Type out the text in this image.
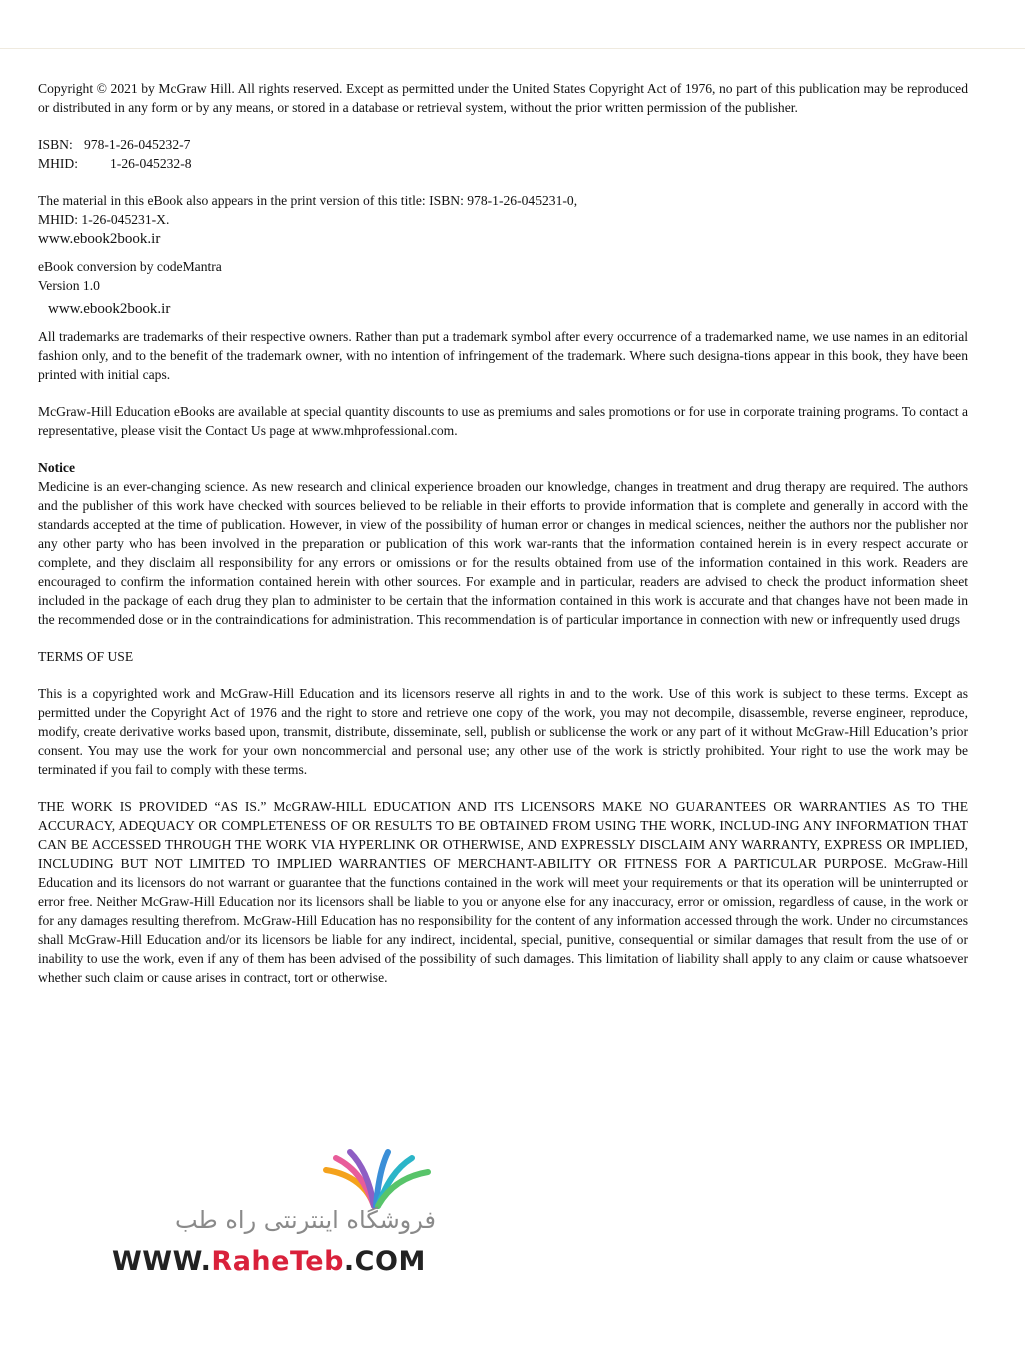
Copyright © 2021 by McGraw Hill. All rights reserved. Except as permitted under the United States Copyright Act of 1976, no part of this publication may be reproduced or distributed in any form or by any means, or stored in a database or retrieval system, without the prior written permission of the publisher.

ISBN: 978-1-26-045232-7
MHID:	1-26-045232-8

The material in this eBook also appears in the print version of this title: ISBN: 978-1-26-045231-0,

MHID: 1-26-045231-X.

www.ebook2book.ir

eBook conversion by codeMantra

Version 1.0

www.ebook2book.ir

All trademarks are trademarks of their respective owners. Rather than put a trademark symbol after every occurrence of a trademarked name, we use names in an editorial fashion only, and to the benefit of the trademark owner, with no intention of infringement of the trademark. Where such designa-tions appear in this book, they have been printed with initial caps.

McGraw-Hill Education eBooks are available at special quantity discounts to use as premiums and sales promotions or for use in corporate training programs. To contact a representative, please visit the Contact Us page at www.mhprofessional.com.

Notice

Medicine is an ever-changing science. As new research and clinical experience broaden our knowledge, changes in treatment and drug therapy are required. The authors and the publisher of this work have checked with sources believed to be reliable in their efforts to provide information that is complete and generally in accord with the standards accepted at the time of publication. However, in view of the possibility of human error or changes in medical sciences, neither the authors nor the publisher nor any other party who has been involved in the preparation or publication of this work war-rants that the information contained herein is in every respect accurate or complete, and they disclaim all responsibility for any errors or omissions or for the results obtained from use of the information contained in this work. Readers are encouraged to confirm the information contained herein with other sources. For example and in particular, readers are advised to check the product information sheet included in the package of each drug they plan to administer to be certain that the information contained in this work is accurate and that changes have not been made in the recommended dose or in the contraindications for administration. This recommendation is of particular importance in connection with new or infrequently used drugs

TERMS OF USE

This is a copyrighted work and McGraw-Hill Education and its licensors reserve all rights in and to the work. Use of this work is subject to these terms. Except as permitted under the Copyright Act of 1976 and the right to store and retrieve one copy of the work, you may not decompile, disassemble, reverse engineer, reproduce, modify, create derivative works based upon, transmit, distribute, disseminate, sell, publish or sublicense the work or any part of it without McGraw-Hill Education’s prior consent. You may use the work for your own noncommercial and personal use; any other use of the work is strictly prohibited. Your right to use the work may be terminated if you fail to comply with these terms.

THE WORK IS PROVIDED “AS IS.” McGRAW-HILL EDUCATION AND ITS LICENSORS MAKE NO GUARANTEES OR WARRANTIES AS TO THE ACCURACY, ADEQUACY OR COMPLETENESS OF OR RESULTS TO BE OBTAINED FROM USING THE WORK, INCLUD-ING ANY INFORMATION THAT CAN BE ACCESSED THROUGH THE WORK VIA HYPERLINK OR OTHERWISE, AND EXPRESSLY DISCLAIM ANY WARRANTY, EXPRESS OR IMPLIED, INCLUDING BUT NOT LIMITED TO IMPLIED WARRANTIES OF MERCHANT-ABILITY OR FITNESS FOR A PARTICULAR PURPOSE. McGraw-Hill Education and its licensors do not warrant or guarantee that the functions contained in the work will meet your requirements or that its operation will be uninterrupted or error free. Neither McGraw-Hill Education nor its licensors shall be liable to you or anyone else for any inaccuracy, error or omission, regardless of cause, in the work or for any damages resulting therefrom. McGraw-Hill Education has no responsibility for the content of any information accessed through the work. Under no circumstances shall McGraw-Hill Education and/or its licensors be liable for any indirect, incidental, special, punitive, consequential or similar damages that result from the use of or inability to use the work, even if any of them has been advised of the possibility of such damages. This limitation of liability shall apply to any claim or cause whatsoever whether such claim or cause arises in contract, tort or otherwise.

فروشگاه اینترنتی راه طب
WWW.RaheTeb.COM
